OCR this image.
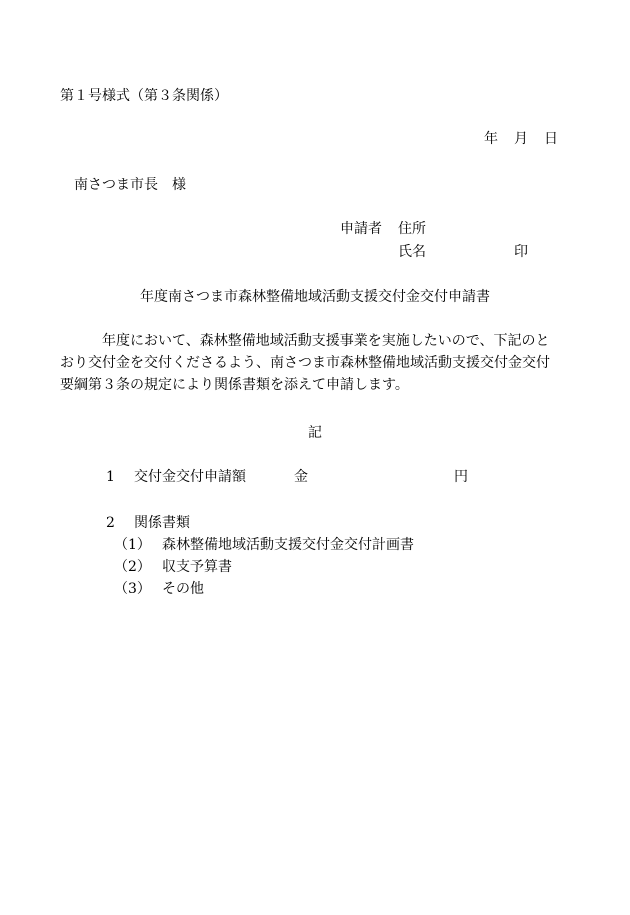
第１号様式（第３条関係）
年 月 日
南さつま市長　様
申請者 住所
氏名	印
年度南さつま市森林整備地域活動支援交付金交付申請書

　　　年度において、森林整備地域活動支援事業を実施したいので、下記のと

おり交付金を交付くださるよう、南さつま市森林整備地域活動支援交付金交付

要綱第３条の規定により関係書類を添えて申請します。

記
1 交付金交付申請額	金	円
2 関係書類
（1） 森林整備地域活動支援交付金交付計画書
（2） 収支予算書
（3） その他
